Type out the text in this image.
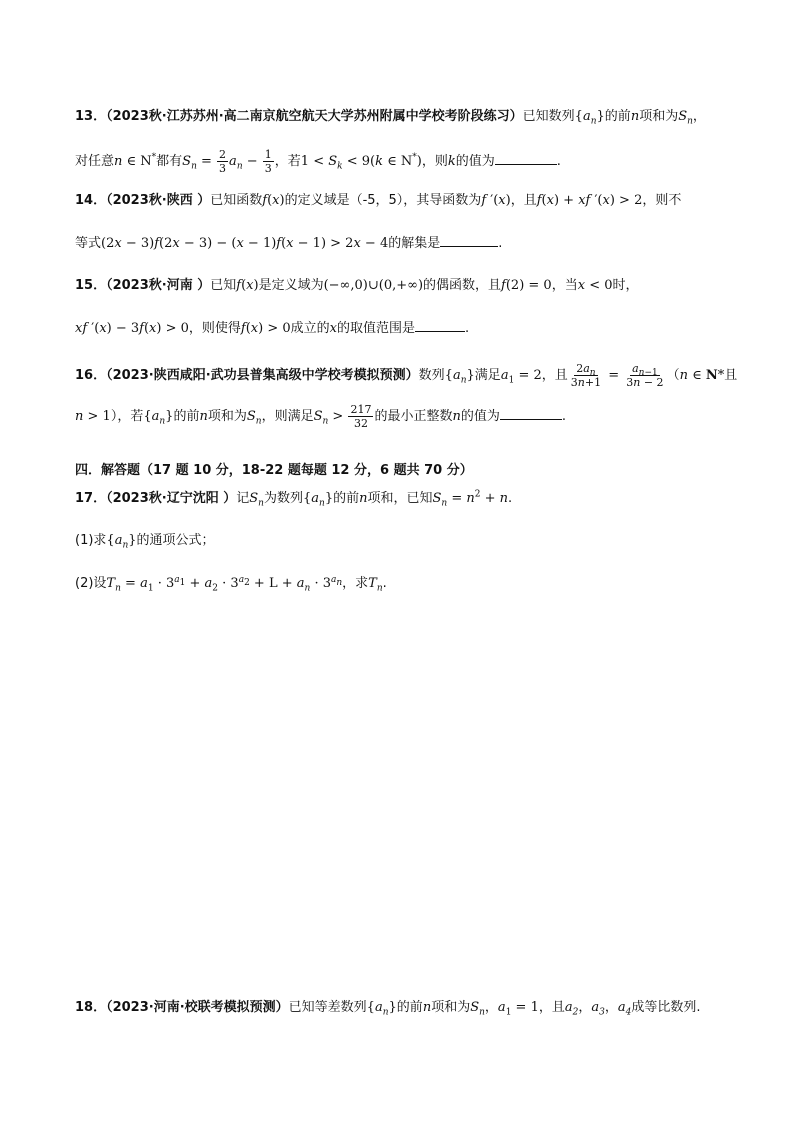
13．（2023秋·江苏苏州·高二南京航空航天大学苏州附属中学校考阶段练习）已知数列$\{a_n\}$的前n项和为$S_n$，
对任意n ∈ N*都有$S_n = \frac{2}{3} a_n - \frac{1}{3}$ ，若$1 < S_k < 9(k$ ∈ N*)，则k的值为	.
14．（2023秋·陕西 ）已知函数f(x)的定义域是（-5，5），其导函数为f ′(x)，且f(x) + xf ′(x) > 2，则不
等式(2x − 3)f(2x − 3) − (x − 1)f(x − 1) > 2x − 4的解集是	.
15．（2023秋·河南 ）已知f(x)是定义域为(−∞,0)∪(0,+∞)的偶函数，且f(2) = 0，当x < 0时，
xf ′(x) − 3f(x) > 0，则使得f(x) > 0成立的x的取值范围是	.
16．（2023·陕西咸阳·武功县普集高级中学校考模拟预测）数列$\{a_n\}$满足$a_1 = 2$，且 $\frac{2a_n}{3n+1} = \frac{a_{n-1}}{3n - 2} (n$ ∈ N*且
n > 1），若$\{a_n\}$的前n项和为$S_n$，则满足$S_n > \frac{217}{32}$ 的最小正整数n的值为	.
四．解答题（17 题 10 分，18-22 题每题 12 分，6 题共 70 分）
17．（2023秋·辽宁沈阳 ）记$S_n$为数列$\{a_n\}$的前n项和，已知$S_n = n^2 + n$.
(1)求$\{a_n\}$的通项公式；
(2)设$T_n = a_1 \cdot 3^{a_1} + a_2 \cdot 3^{a_2} + L + a_n \cdot 3^{a_n}$，求$T_n$.
18．（2023·河南·校联考模拟预测）已知等差数列$\{a_n\}$的前n项和为$S_n$，$a_1 = 1$，且$a_2$，$a_3$，$a_4$成等比数列.
